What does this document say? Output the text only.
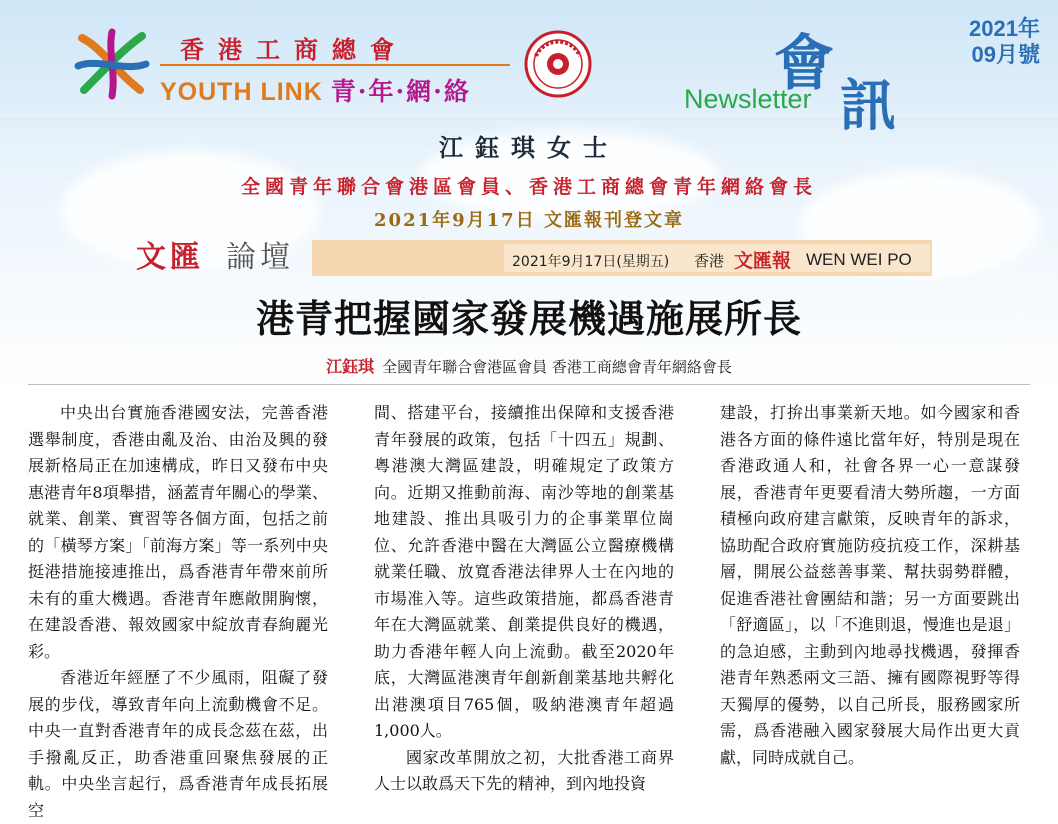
香港工商總會
YOUTH LINK 青·年·網·絡
2021年
09月號
會
訊
Newsletter
江鈺琪女士
全國青年聯合會港區會員、香港工商總會青年網絡會長
2021年9月17日 文匯報刊登文章
文匯 論壇	2021年9月17日(星期五) 香港 文匯報 WEN WEI PO
港青把握國家發展機遇施展所長
江鈺琪 全國青年聯合會港區會員 香港工商總會青年網絡會長

中央出台實施香港國安法，完善香港選舉制度，香港由亂及治、由治及興的發展新格局正在加速構成，昨日又發布中央惠港青年8項舉措，涵蓋青年關心的學業、就業、創業、實習等各個方面，包括之前的「橫琴方案」「前海方案」等一系列中央挺港措施接連推出，爲香港青年帶來前所未有的重大機遇。香港青年應敞開胸懷，在建設香港、報效國家中綻放青春絢麗光彩。

香港近年經歷了不少風雨，阻礙了發展的步伐，導致青年向上流動機會不足。中央一直對香港青年的成長念茲在茲，出手撥亂反正，助香港重回聚焦發展的正軌。中央坐言起行，爲香港青年成長拓展空

間、搭建平台，接續推出保障和支援香港青年發展的政策，包括「十四五」規劃、粵港澳大灣區建設，明確規定了政策方向。近期又推動前海、南沙等地的創業基地建設、推出具吸引力的企事業單位崗位、允許香港中醫在大灣區公立醫療機構就業任職、放寬香港法律界人士在內地的市場准入等。這些政策措施，都爲香港青年在大灣區就業、創業提供良好的機遇，助力香港年輕人向上流動。截至2020年底，大灣區港澳青年創新創業基地共孵化出港澳項目765個，吸納港澳青年超過1,000人。

國家改革開放之初，大批香港工商界人士以敢爲天下先的精神，到內地投資

建設，打拚出事業新天地。如今國家和香港各方面的條件遠比當年好，特別是現在香港政通人和，社會各界一心一意謀發展，香港青年更要看清大勢所趨，一方面積極向政府建言獻策，反映青年的訴求，協助配合政府實施防疫抗疫工作，深耕基層，開展公益慈善事業、幫扶弱勢群體，促進香港社會團結和諧；另一方面要跳出「舒適區」，以「不進則退，慢進也是退」的急迫感，主動到內地尋找機遇，發揮香港青年熟悉兩文三語、擁有國際視野等得天獨厚的優勢，以自己所長，服務國家所需，爲香港融入國家發展大局作出更大貢獻，同時成就自己。
